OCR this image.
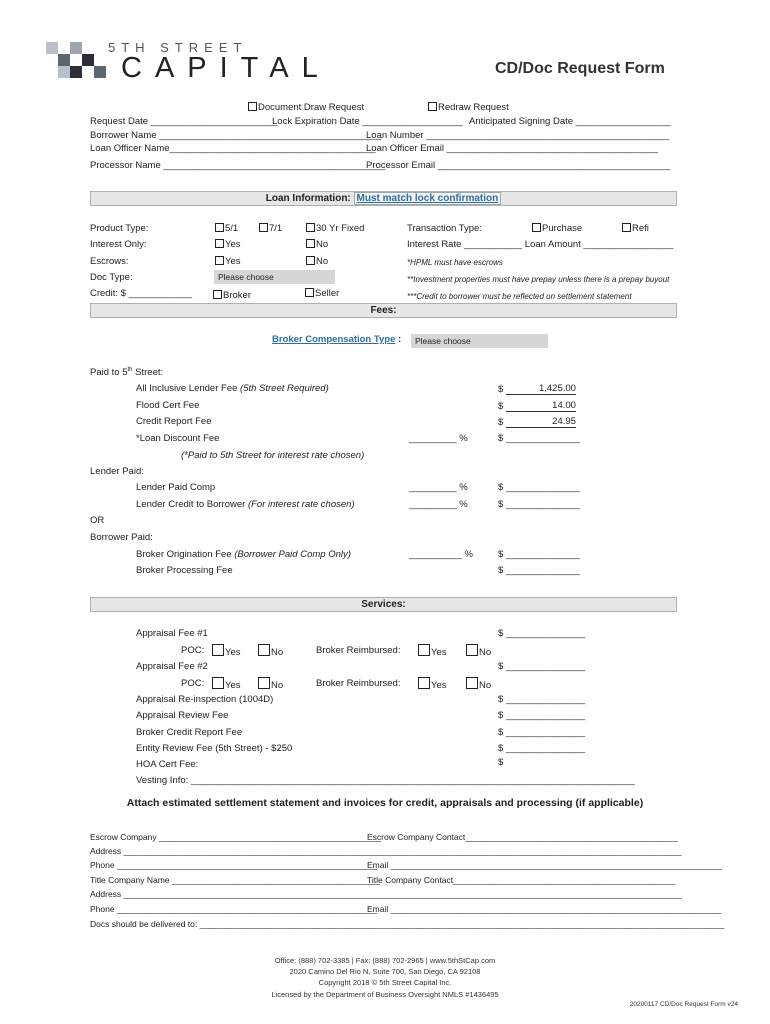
5TH STREET
CAPITAL	CD/Doc Request Form
Document Draw Request	Redraw Request
Request Date ________________________
Lock Expiration Date ___________________ Anticipated Signing Date __________________
Borrower Name __________________________________________
Loan Number ______________________________________________
Loan Officer Name_______________________________________
Loan Officer Email ________________________________________
Processor Name __________________________________________
Processor Email ____________________________________________
Loan Information: Must match lock confirmation
Product Type:	5/1	7/1	30 Yr Fixed
Interest Only:	Yes	No
Escrows:	Yes	No
Doc Type:	Please choose
Credit: $ ____________	Broker	Seller
Transaction Type:	Purchase	Refi
Interest Rate ___________ Loan Amount _________________
*HPML must have escrows
**Investment properties must have prepay unless there is a prepay buyout
***Credit to borrower must be reflected on settlement statement
Fees:
Broker Compensation Type :	Please choose
Paid to 5th Street:
All Inclusive Lender Fee (5th Street Required)	$	1,425.00
Flood Cert Fee	$	14.00
Credit Report Fee	$	24.95
*Loan Discount Fee	_________ %	$ ______________
(*Paid to 5th Street for interest rate chosen)
Lender Paid:
Lender Paid Comp	_________ %	$ ______________
Lender Credit to Borrower (For interest rate chosen)	_________ %	$ ______________
OR
Borrower Paid:
Broker Origination Fee (Borrower Paid Comp Only)	__________ %	$ ______________
Broker Processing Fee	$ ______________
Services:
Appraisal Fee #1	$ _______________
POC:	Yes	No	Broker Reimbursed:	Yes	No
Appraisal Fee #2	$ _______________
POC:	Yes	No	Broker Reimbursed:	Yes	No
Appraisal Re-inspection (1004D)	$ _______________
Appraisal Review Fee	$ _______________
Broker Credit Report Fee	$ _______________
Entity Review Fee (5th Street) - $250	$ _______________
HOA Cert Fee:	$
Vesting Info: ____________________________________________________________________________________
Attach estimated settlement statement and invoices for credit, appraisals and processing (if applicable)
Escrow Company _______________________________________________
Escrow Company Contact_____________________________________________
Address ______________________________________________________________________________________________________________________
Phone _______________________________________________________
Email ______________________________________________________________________
Title Company Name ____________________________________________
Title Company Contact_______________________________________________
Address ______________________________________________________________________________________________________________________
Phone _______________________________________________________
Email ______________________________________________________________________
Docs should be delivered to: _______________________________________________________________________________________________________________
Office: (888) 702-3385 | Fax: (888) 702-2965 | www.5thStCap.com
2020 Camino Del Rio N, Suite 700, San Diego, CA 92108
Copyright 2018 © 5th Street Capital Inc.
Licensed by the Department of Business Oversight NMLS #1436495
20200117 CD/Doc Request Form v24
